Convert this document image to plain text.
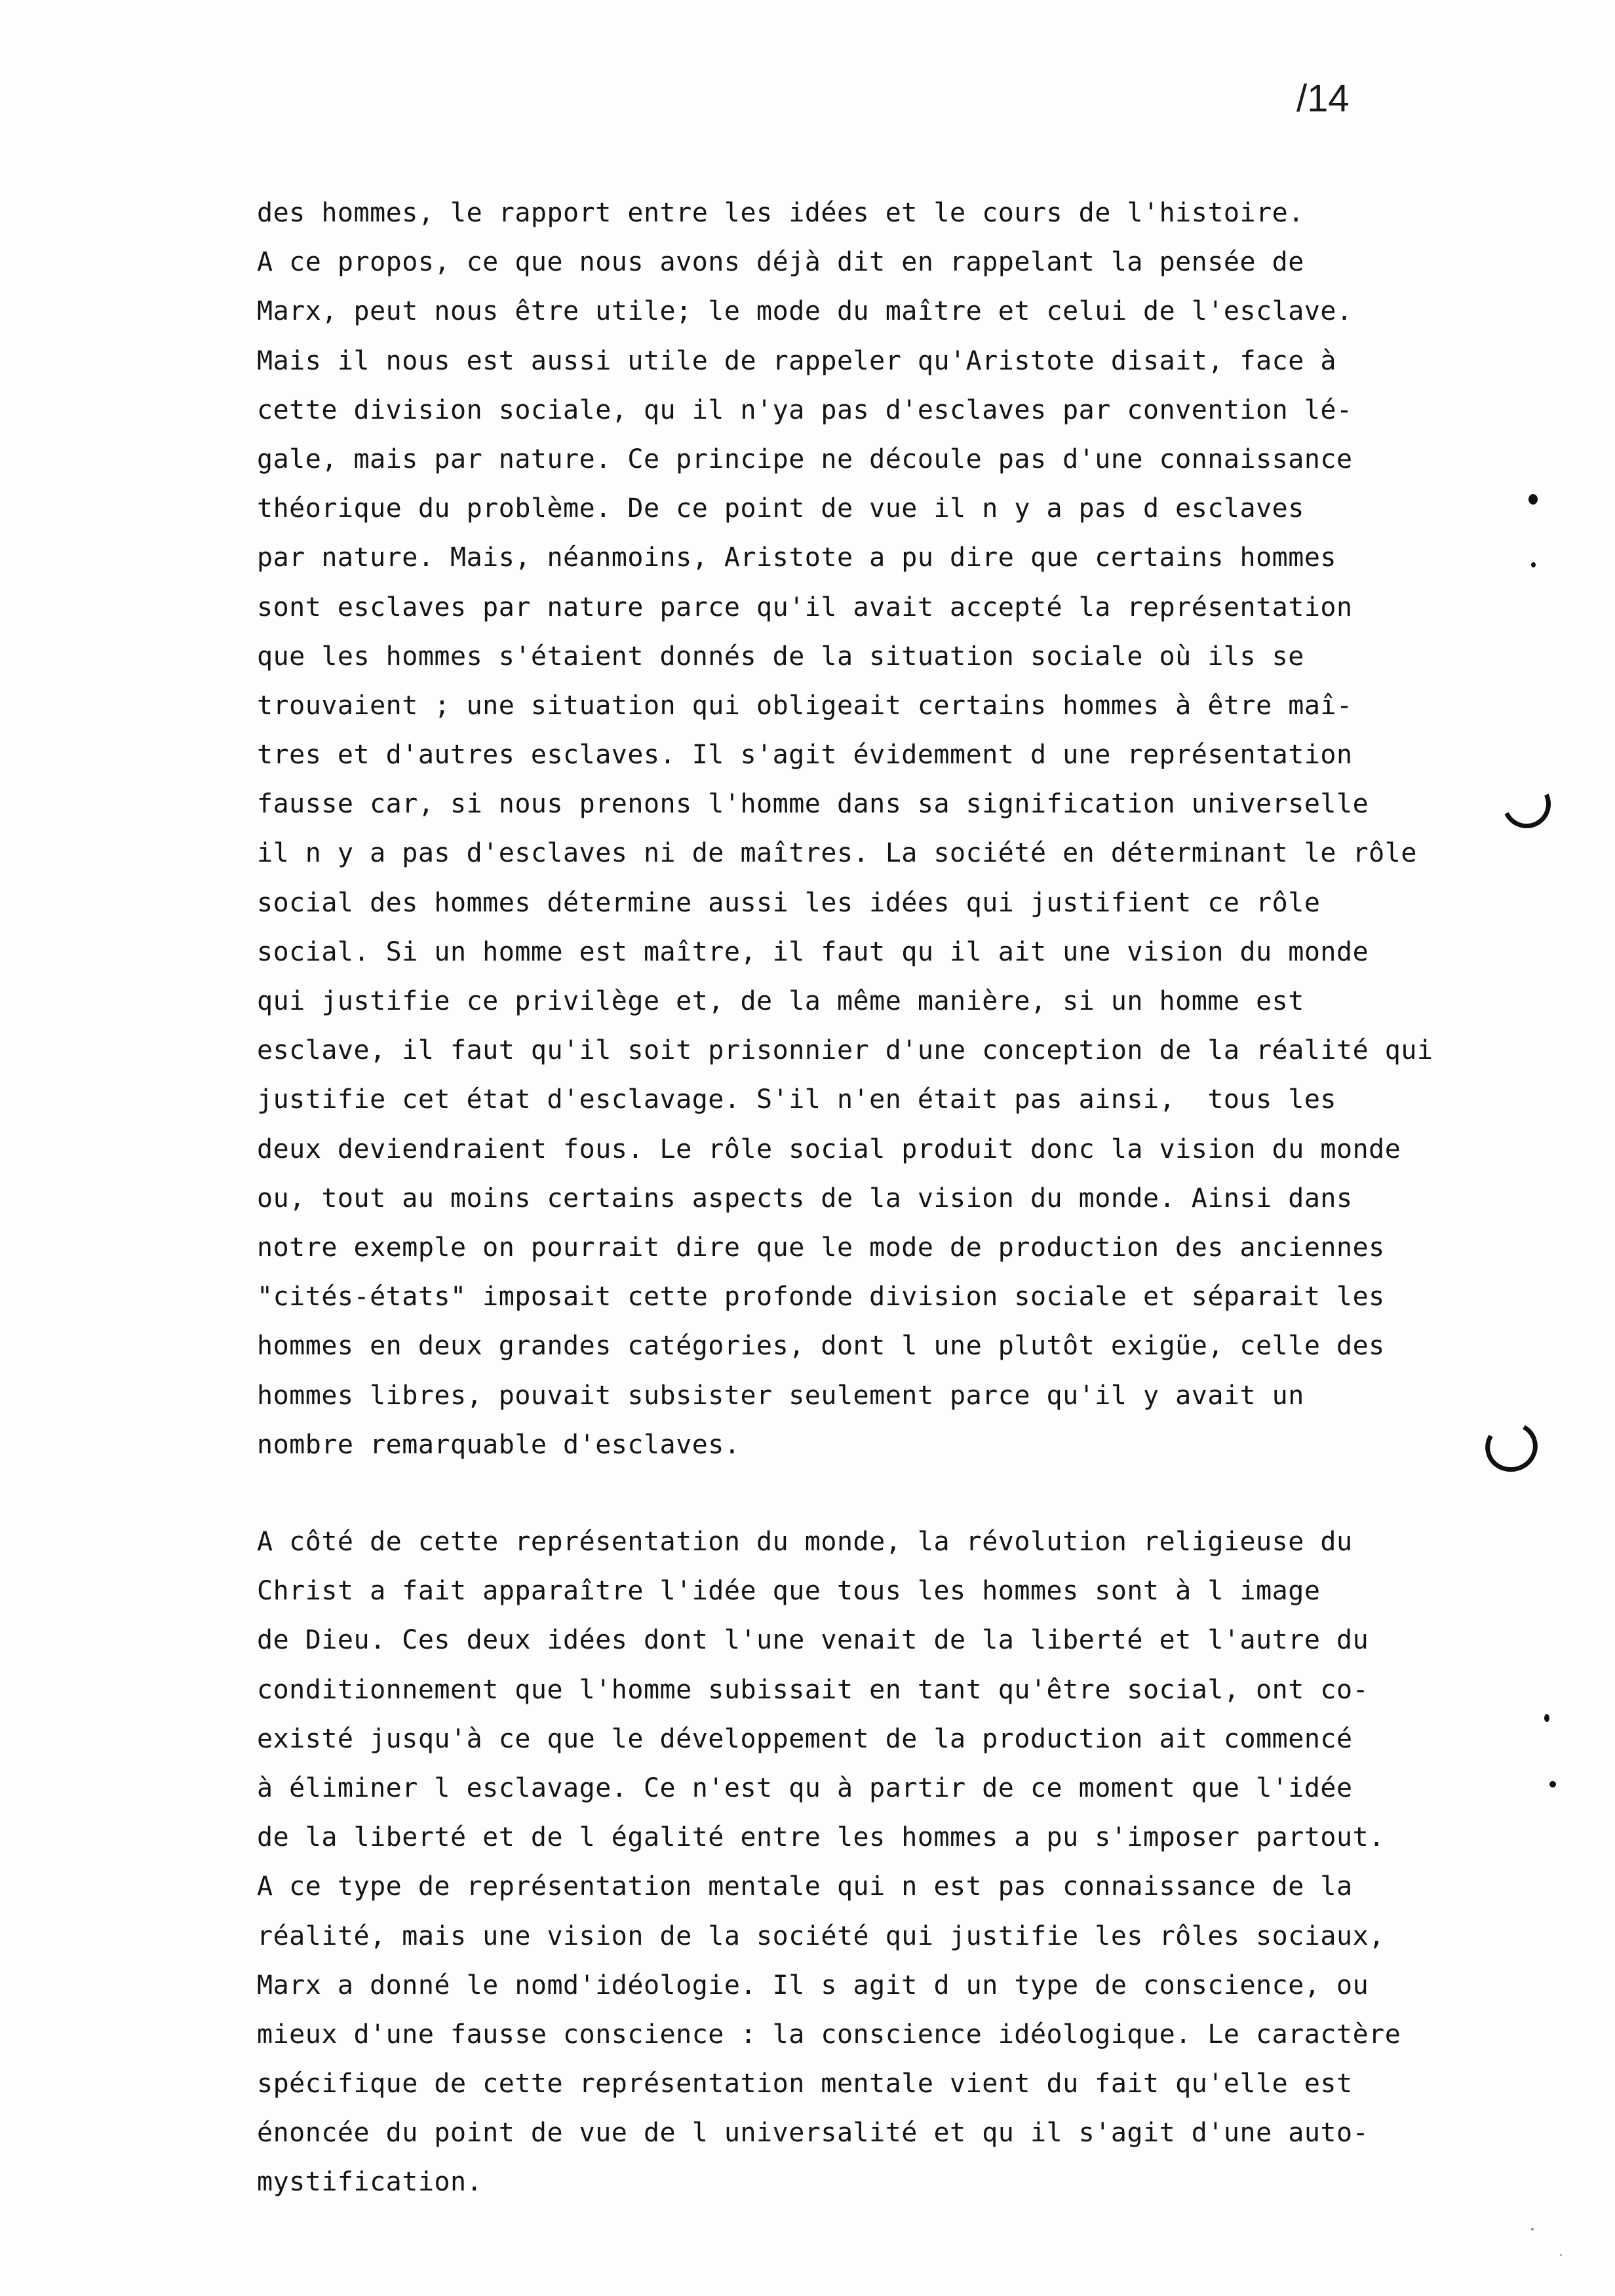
/14
des hommes, le rapport entre les idées et le cours de l'histoire.
A ce propos, ce que nous avons déjà dit en rappelant la pensée de
Marx, peut nous être utile; le mode du maître et celui de l'esclave.
Mais il nous est aussi utile de rappeler qu'Aristote disait, face à
cette division sociale, qu il n'ya pas d'esclaves par convention lé-
gale, mais par nature. Ce principe ne découle pas d'une connaissance
théorique du problème. De ce point de vue il n y a pas d esclaves
par nature. Mais, néanmoins, Aristote a pu dire que certains hommes
sont esclaves par nature parce qu'il avait accepté la représentation
que les hommes s'étaient donnés de la situation sociale où ils se
trouvaient ; une situation qui obligeait certains hommes à être maî-
tres et d'autres esclaves. Il s'agit évidemment d une représentation
fausse car, si nous prenons l'homme dans sa signification universelle
il n y a pas d'esclaves ni de maîtres. La société en déterminant le rôle
social des hommes détermine aussi les idées qui justifient ce rôle
social. Si un homme est maître, il faut qu il ait une vision du monde
qui justifie ce privilège et, de la même manière, si un homme est
esclave, il faut qu'il soit prisonnier d'une conception de la réalité qui
justifie cet état d'esclavage. S'il n'en était pas ainsi,  tous les
deux deviendraient fous. Le rôle social produit donc la vision du monde
ou, tout au moins certains aspects de la vision du monde. Ainsi dans
notre exemple on pourrait dire que le mode de production des anciennes
"cités-états" imposait cette profonde division sociale et séparait les
hommes en deux grandes catégories, dont l une plutôt exigüe, celle des
hommes libres, pouvait subsister seulement parce qu'il y avait un
nombre remarquable d'esclaves.
A côté de cette représentation du monde, la révolution religieuse du
Christ a fait apparaître l'idée que tous les hommes sont à l image
de Dieu. Ces deux idées dont l'une venait de la liberté et l'autre du
conditionnement que l'homme subissait en tant qu'être social, ont co-
existé jusqu'à ce que le développement de la production ait commencé
à éliminer l esclavage. Ce n'est qu à partir de ce moment que l'idée
de la liberté et de l égalité entre les hommes a pu s'imposer partout.
A ce type de représentation mentale qui n est pas connaissance de la
réalité, mais une vision de la société qui justifie les rôles sociaux,
Marx a donné le nomd'idéologie. Il s agit d un type de conscience, ou
mieux d'une fausse conscience : la conscience idéologique. Le caractère
spécifique de cette représentation mentale vient du fait qu'elle est
énoncée du point de vue de l universalité et qu il s'agit d'une auto-
mystification.
